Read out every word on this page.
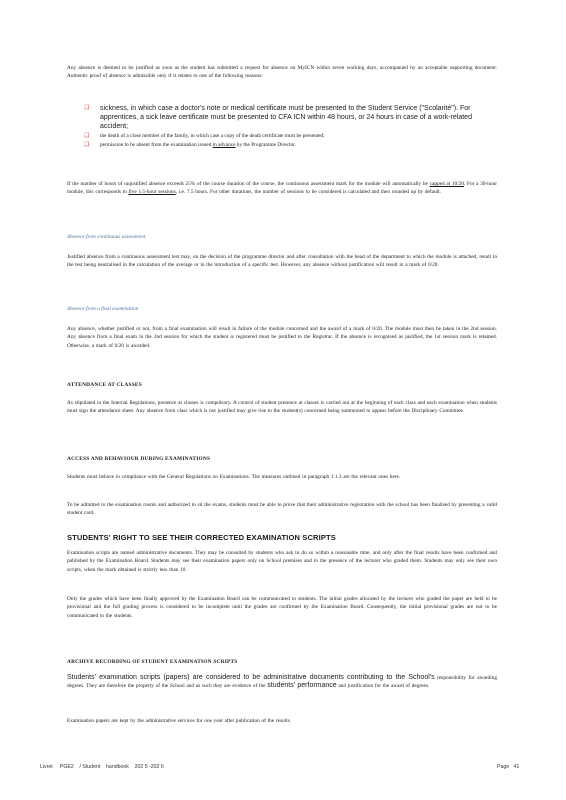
Any absence is deemed to be justified as soon as the student has submitted a request for absence on MyICN within seven working days, accompanied by an acceptable supporting document. Authentic proof of absence is admissible only if it relates to one of the following reasons:

❑ sickness, in which case a doctor's note or medical certificate must be presented to the Student Service ("Scolarité"). For apprentices, a sick leave certificate must be presented to CFA ICN within 48 hours, or 24 hours in case of a work-related accident;
❑ the death of a close member of the family, in which case a copy of the death certificate must be presented;
❑ permission to be absent from the examination issued in advance by the Programme Director.

If the number of hours of unjustified absence exceeds 25% of the course duration of the course, the continuous assessment mark for the module will automatically be capped at 10/20. For a 30-hour module, this corresponds to five 1.5-hour sessions, i.e. 7.5 hours. For other durations, the number of sessions to be considered is calculated and then rounded up by default.

Absence from continuous assessment

Justified absence from a continuous assessment test may, on the decision of the programme director and after consultation with the head of the department to which the module is attached, result in the test being neutralised in the calculation of the average or in the introduction of a specific test. However, any absence without justification will result in a mark of 0/20.

Absence from a final examination

Any absence, whether justified or not, from a final examination will result in failure of the module concerned and the award of a mark of 0/20. The module must then be taken in the 2nd session. Any absence from a final exam in the 2nd session for which the student is registered must be justified to the Registrar. If the absence is recognised as justified, the 1st session mark is retained. Otherwise, a mark of 0/20 is awarded.

ATTENDANCE AT CLASSES

As stipulated in the Internal Regulations, presence at classes is compulsory. A control of student presence at classes is carried out at the beginning of each class and each examination when students must sign the attendance sheet. Any absence from class which is not justified may give rise to the student(s) concerned being summoned to appear before the Disciplinary Committee.

ACCESS AND BEHAVIOUR DURING EXAMINATIONS

Students must behave in compliance with the General Regulations on Examinations. The measures outlined in paragraph 1.1.3 are the relevant ones here.

To be admitted to the examination rooms and authorized to sit the exams, students must be able to prove that their administrative registration with the school has been finalised by presenting a valid student card.

STUDENTS' RIGHT TO SEE THEIR CORRECTED EXAMINATION SCRIPTS

Examination scripts are named administrative documents. They may be consulted by students who ask to do so within a reasonable time, and only after the final results have been confirmed and published by the Examination Board. Students may see their examination papers only on School premises and in the presence of the lecturer who graded them. Students may only see their own scripts, when the mark obtained is strictly less than 10.

Only the grades which have been finally approved by the Examination Board can be communicated to students. The initial grades allocated by the lecturer who graded the paper are held to be provisional and the full grading process is considered to be incomplete until the grades are confirmed by the Examination Board. Consequently, the initial provisional grades are not to be communicated to the students.

ARCHIVE RECORDING OF STUDENT EXAMINATION SCRIPTS

Students' examination scripts (papers) are considered to be administrative documents contributing to the School's responsibility for awarding degrees. They are therefore the property of the School and as such they are evidence of the students' performance and justification for the award of degrees.

Examination papers are kept by the administrative services for one year after publication of the results.

Livret PGE2 / Student handbook 202 5 -202 6	Page 41
